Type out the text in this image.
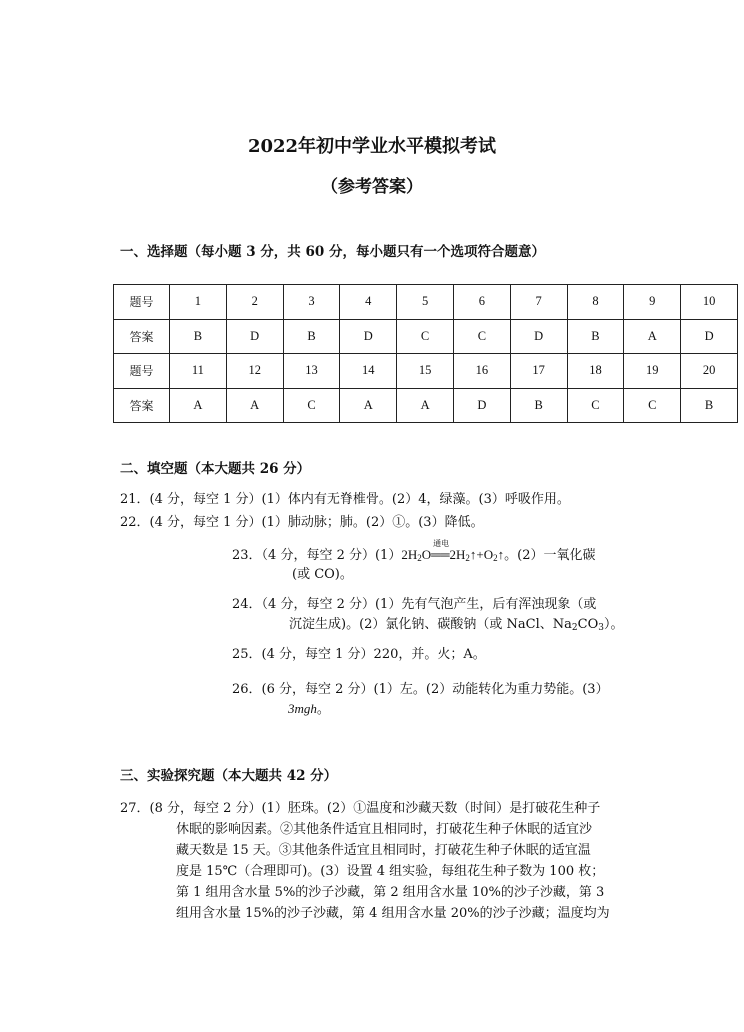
2022年初中学业水平模拟考试
（参考答案）
一、选择题（每小题 3 分，共 60 分，每小题只有一个选项符合题意）
题号	1	2	3	4	5	6	7	8	9	10
答案	B	D	B	D	C	C	D	B	A	D
题号	11	12	13	14	15	16	17	18	19	20
答案	A	A	C	A	A	D	B	C	C	B
二、填空题（本大题共 26 分）
21．(4 分，每空 1 分）(1）体内有无脊椎骨。(2）4，绿藻。(3）呼吸作用。
22．(4 分，每空 1 分）(1）肺动脉；肺。(2）①。(3）降低。
23．（4 分，每空 2 分）$(1)2H_2O$
通电
$══2H_2↑+O_2↑$。(2）一氧化碳
(或 CO)。
24．（4 分，每空 2 分）(1）先有气泡产生，后有浑浊现象（或
沉淀生成)。(2）氯化钠、碳酸钠（或 NaCl、$Na_2CO_3$）。
25．(4 分，每空 1 分）220，并。火；A。
26．(6 分，每空 2 分）(1）左。(2）动能转化为重力势能。(3）
3mgh。
三、实验探究题（本大题共 42 分）
27．(8 分，每空 2 分）(1）胚珠。(2）①温度和沙藏天数（时间）是打破花生种子
休眠的影响因素。②其他条件适宜且相同时，打破花生种子休眠的适宜沙
藏天数是 15 天。③其他条件适宜且相同时，打破花生种子休眠的适宜温
度是 15℃（合理即可)。(3）设置 4 组实验，每组花生种子数为 100 枚；
第 1 组用含水量 5%的沙子沙藏，第 2 组用含水量 10%的沙子沙藏，第 3
组用含水量 15%的沙子沙藏，第 4 组用含水量 20%的沙子沙藏；温度均为
